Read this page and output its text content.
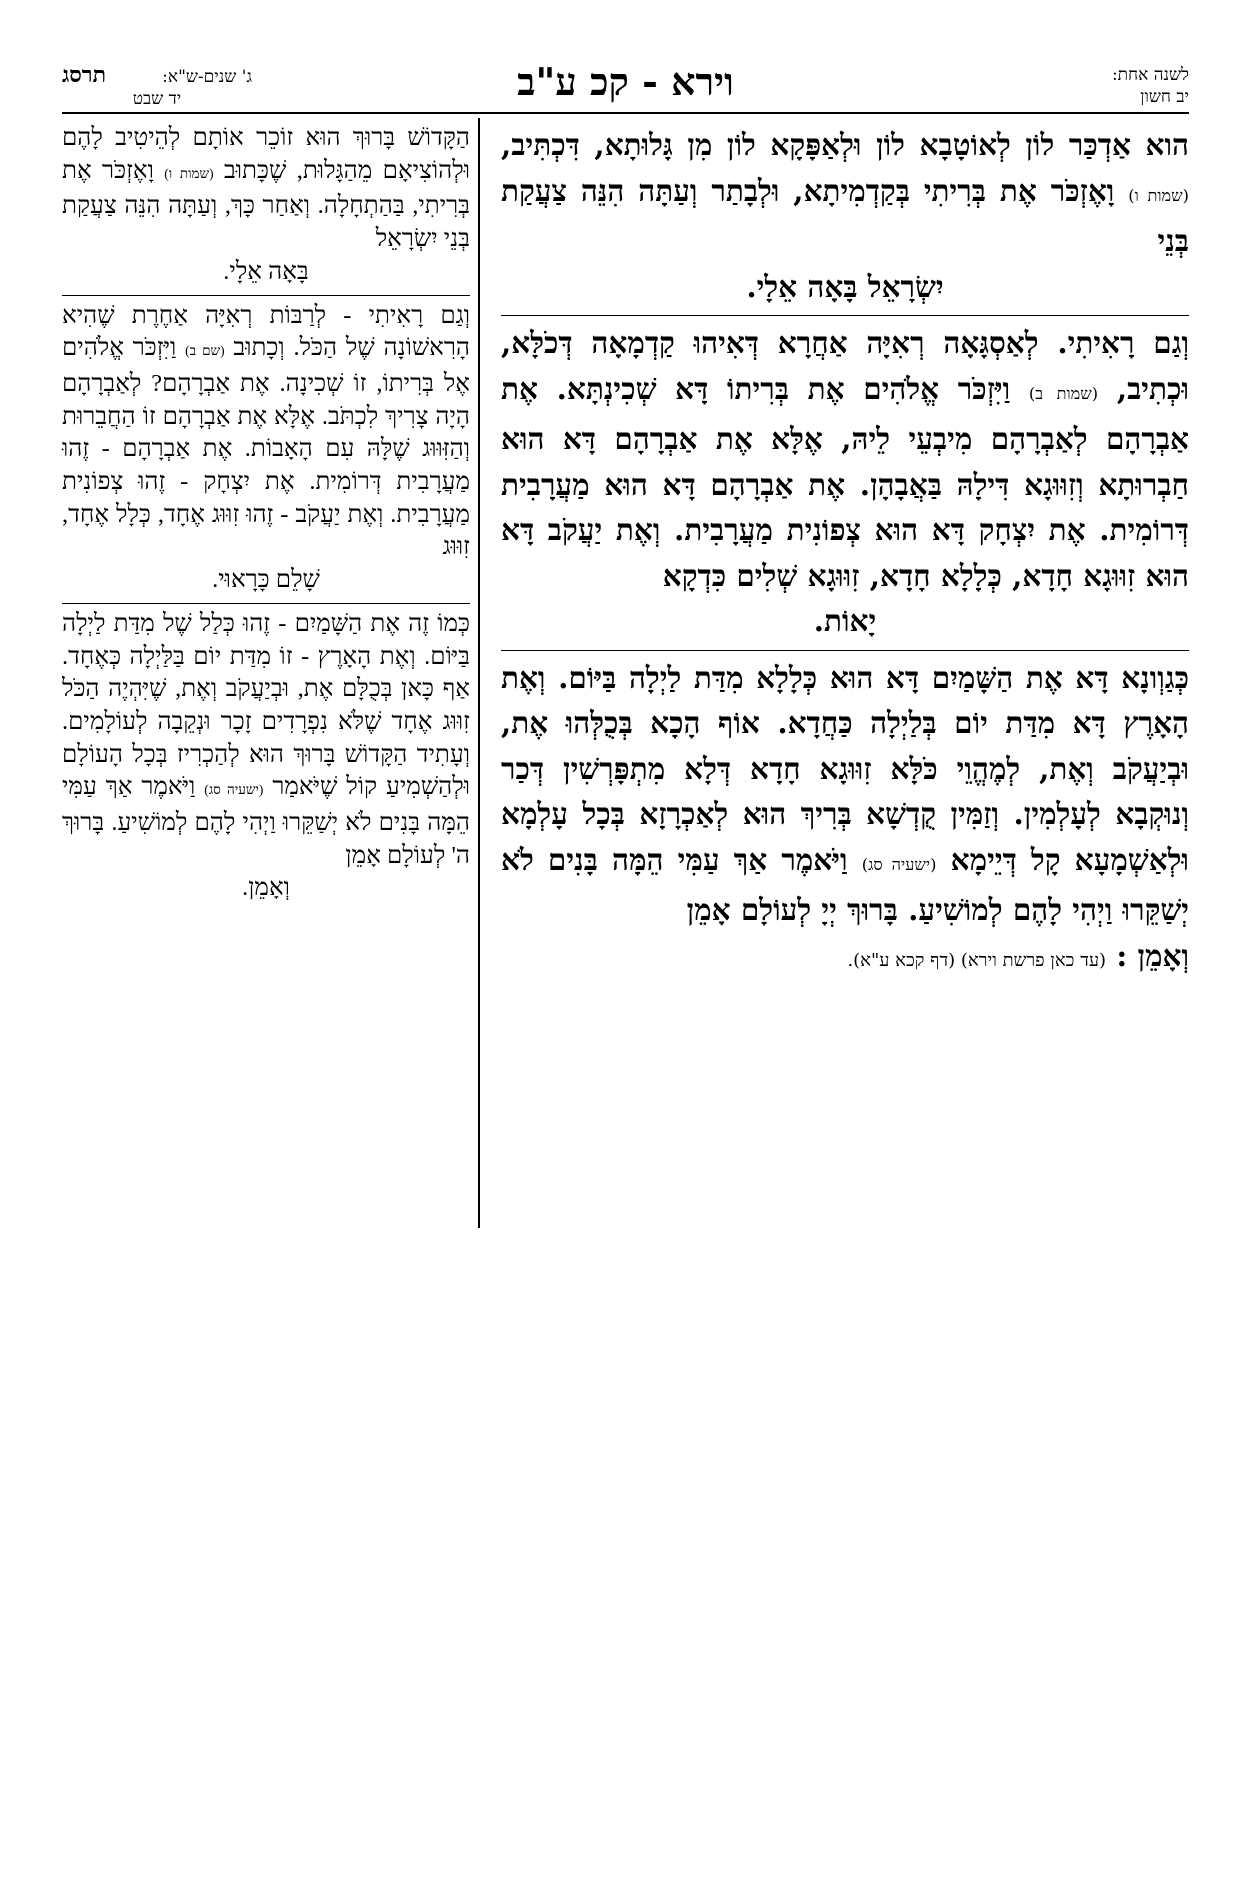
לשנה אחת:
יב חשון
וירא - קכ ע"ב
ג' שנים-ש"א:
תרסג
יד שבט

הוא אַדְכַּר לוֹן לְאוֹטָבָא לוֹן וּלְאַפָּקָא לוֹן מִן גָּלוּתָא, דִּכְתִּיב, (שמות ו) וָאֶזְכֹּר אֶת בְּרִיתִי בְּקַדְמִיתָא, וּלְבָתַר וְעַתָּה הִנֵּה צַעֲקַת בְּנֵי
יִשְׂרָאֵל בָּאָה אֵלָי.

וְגַם רָאִיתִי. לְאַסְגָּאָה רְאִיָּה אַחֲרָא דְּאִיהוּ קַדְמָאָה דְּכֹלָּא, וּכְתִיב, (שמות ב) וַיִּזְכֹּר אֱלֹהִים אֶת בְּרִיתוֹ דָּא שְׁכִינְתָּא. אֶת אַבְרָהָם לְאַבְרָהָם מִיבְעֵי לֵיהּ, אֶלָּא אֶת אַבְרָהָם דָּא הוּא חַבְרוּתָא וְזִוּוּגָא דִּילָהּ בַּאֲבָהָן. אֶת אַבְרָהָם דָּא הוּא מַעֲרָבִית דְּרוֹמִית. אֶת יִצְחָק דָּא הוּא צְפוֹנִית מַעֲרָבִית. וְאֶת יַעֲקֹב דָּא הוּא זִוּוּגָא חָדָא, כְּלָלָא חָדָא, זִוּוּגָא שְׁלִים כִּדְקָא
יָאוֹת.

כְּגַוְונָא דָּא אֶת הַשָּׁמַיִם דָּא הוּא כְּלָלָא מִדַּת לַיְלָה בַּיּוֹם. וְאֶת הָאָרֶץ דָּא מִדַּת יוֹם בְּלַיְלָה כַּחֲדָא. אוֹף הָכָא בְּכֻלְּהוּ אֶת, וּבְיַעֲקֹב וְאֶת, לְמֶהֱוֵי כֹּלָּא זִוּוּגָא חָדָא דְּלָא מִתְפָּרְשִׁין דְּכַר וְנוּקְבָא לְעָלְמִין. וְזַמִּין קֻדְשָׁא בְּרִיךְ הוּא לְאַכְרָזָא בְּכָל עָלְמָא וּלְאַשְׁמָעָא קָל דְּיֵימָא (ישעיה סג) וַיֹּאמֶר אַךְ עַמִּי הֵמָּה בָּנִים לֹא יְשַׁקֵּרוּ וַיְהִי לָהֶם לְמוֹשִׁיעַ. בָּרוּךְ יְיָ לְעוֹלָם אָמֵן
וְאָמֵן : (עד כאן פרשת וירא) (דף קכא ע"א).

הַקָּדוֹשׁ בָּרוּךְ הוּא זוֹכֵר אוֹתָם לְהֵיטִיב לָהֶם וּלְהוֹצִיאָם מֵהַגָּלוּת, שֶׁכָּתוּב (שמות ו) וָאֶזְכֹּר אֶת בְּרִיתִי, בַּהַתְחָלָה. וְאַחַר כָּךְ, וְעַתָּה הִנֵּה צַעֲקַת בְּנֵי יִשְׂרָאֵל
בָּאָה אֵלָי.

וְגַם רָאִיתִי - לְרַבּוֹת רְאִיָּה אַחֶרֶת שֶׁהִיא הָרִאשׁוֹנָה שֶׁל הַכֹּל. וְכָתוּב (שם ב) וַיִּזְכֹּר אֱלֹהִים אֶל בְּרִיתוֹ, זוֹ שְׁכִינָה. אֶת אַבְרָהָם? לְאַבְרָהָם הָיָה צָרִיךְ לִכְתֹּב. אֶלָּא אֶת אַבְרָהָם זוֹ הַחֲבֵרוּת וְהַזִּוּוּג שֶׁלָּהּ עִם הָאָבוֹת. אֶת אַבְרָהָם - זֶהוּ מַעֲרָבִית דְּרוֹמִית. אֶת יִצְחָק - זֶהוּ צְפוֹנִית מַעֲרָבִית. וְאֶת יַעֲקֹב - זֶהוּ זִוּוּג אֶחָד, כְּלָל אֶחָד, זִוּוּג
שָׁלֵם כָּרָאוּי.

כְּמוֹ זֶה אֶת הַשָּׁמַיִם - זֶהוּ כְּלַל שֶׁל מִדַּת לַיְלָה בַּיּוֹם. וְאֶת הָאָרֶץ - זוֹ מִדַּת יוֹם בַּלַּיְלָה כְּאֶחָד. אַף כָּאן בְּכֻלָּם אֶת, וּבְיַעֲקֹב וְאֶת, שֶׁיִּהְיֶה הַכֹּל זִוּוּג אֶחָד שֶׁלֹּא נִפְרָדִים זָכָר וּנְקֵבָה לְעוֹלָמִים. וְעָתִיד הַקָּדוֹשׁ בָּרוּךְ הוּא לְהַכְרִיז בְּכָל הָעוֹלָם וּלְהַשְׁמִיעַ קוֹל שֶׁיֹּאמַר (ישעיה סג) וַיֹּאמֶר אַךְ עַמִּי הֵמָּה בָּנִים לֹא יְשַׁקֵּרוּ וַיְהִי לָהֶם לְמוֹשִׁיעַ. בָּרוּךְ ה' לְעוֹלָם אָמֵן
וְאָמֵן.
